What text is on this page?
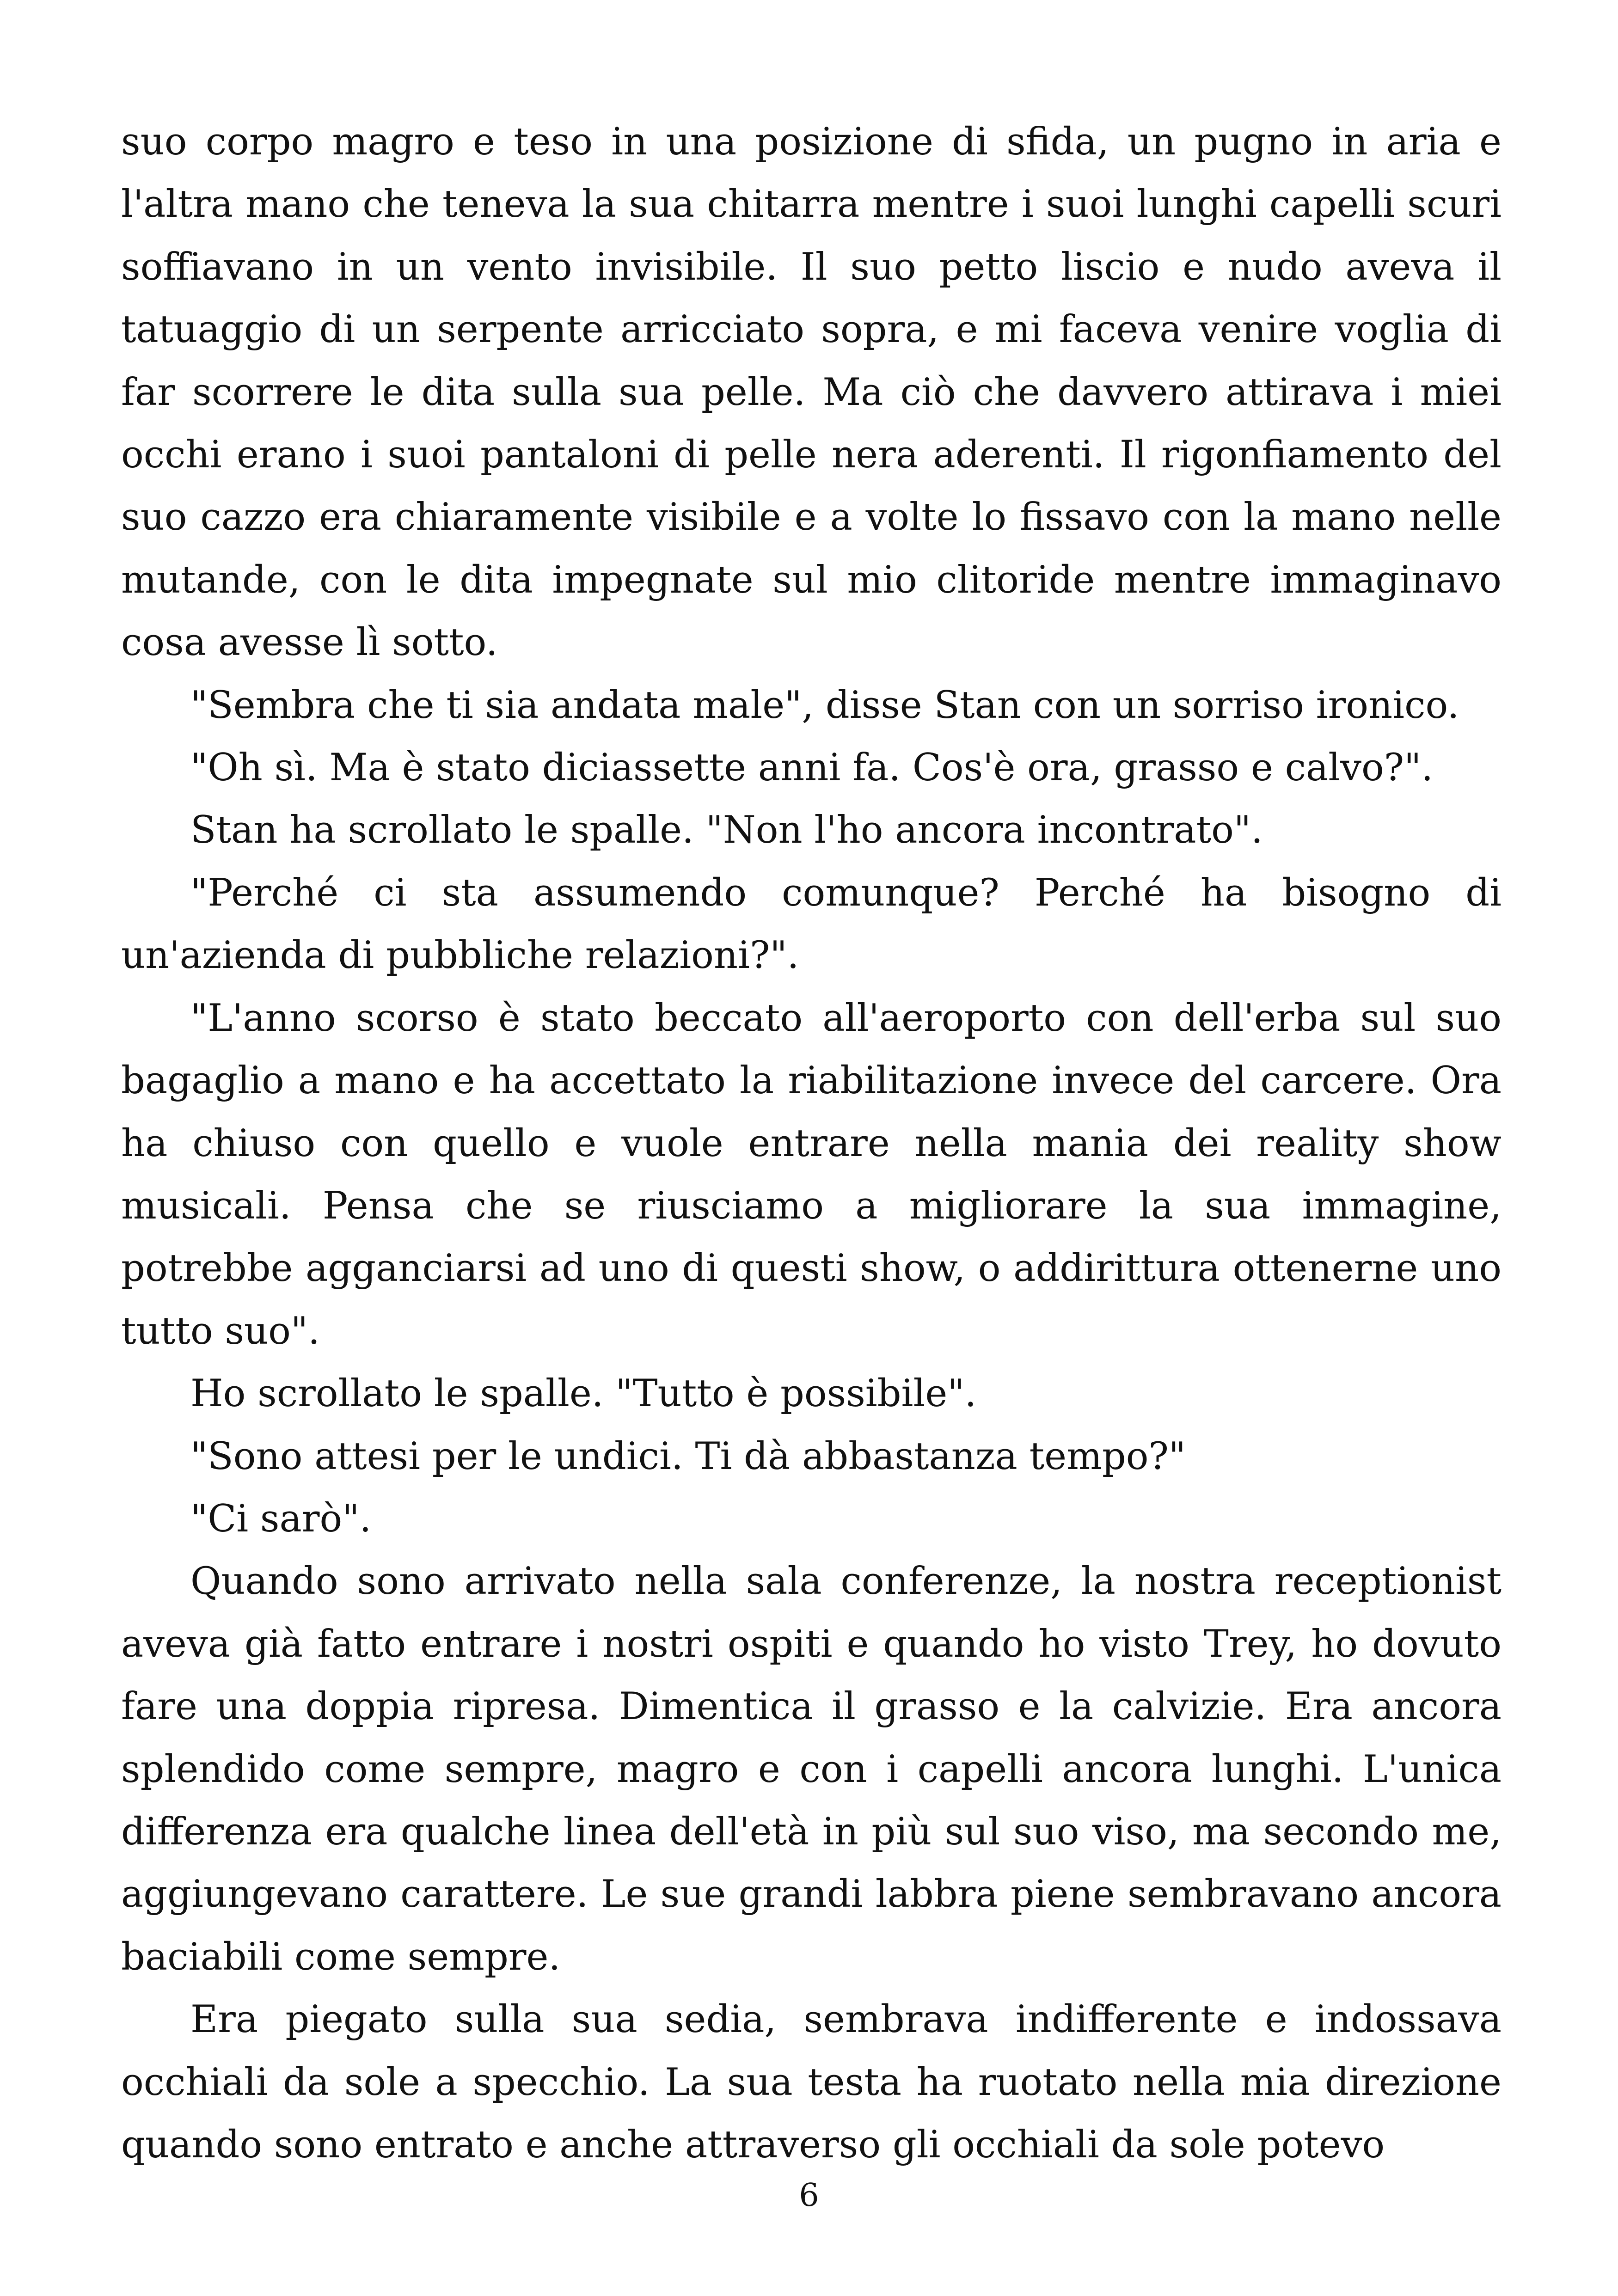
suo corpo magro e teso in una posizione di sfida, un pugno in aria e l'altra mano che teneva la sua chitarra mentre i suoi lunghi capelli scuri soffiavano in un vento invisibile. Il suo petto liscio e nudo aveva il tatuaggio di un serpente arricciato sopra, e mi faceva venire voglia di far scorrere le dita sulla sua pelle. Ma ciò che davvero attirava i miei occhi erano i suoi pantaloni di pelle nera aderenti. Il rigonfiamento del suo cazzo era chiaramente visibile e a volte lo fissavo con la mano nelle mutande, con le dita impegnate sul mio clitoride mentre immaginavo cosa avesse lì sotto.

"Sembra che ti sia andata male", disse Stan con un sorriso ironico.

"Oh sì. Ma è stato diciassette anni fa. Cos'è ora, grasso e calvo?".

Stan ha scrollato le spalle. "Non l'ho ancora incontrato".

"Perché ci sta assumendo comunque? Perché ha bisogno di un'azienda di pubbliche relazioni?".

"L'anno scorso è stato beccato all'aeroporto con dell'erba sul suo bagaglio a mano e ha accettato la riabilitazione invece del carcere. Ora ha chiuso con quello e vuole entrare nella mania dei reality show musicali. Pensa che se riusciamo a migliorare la sua immagine, potrebbe agganciarsi ad uno di questi show, o addirittura ottenerne uno tutto suo".

Ho scrollato le spalle. "Tutto è possibile".

"Sono attesi per le undici. Ti dà abbastanza tempo?"

"Ci sarò".

Quando sono arrivato nella sala conferenze, la nostra receptionist aveva già fatto entrare i nostri ospiti e quando ho visto Trey, ho dovuto fare una doppia ripresa. Dimentica il grasso e la calvizie. Era ancora splendido come sempre, magro e con i capelli ancora lunghi. L'unica differenza era qualche linea dell'età in più sul suo viso, ma secondo me, aggiungevano carattere. Le sue grandi labbra piene sembravano ancora baciabili come sempre.

Era piegato sulla sua sedia, sembrava indifferente e indossava occhiali da sole a specchio. La sua testa ha ruotato nella mia direzione quando sono entrato e anche attraverso gli occhiali da sole potevo

6
